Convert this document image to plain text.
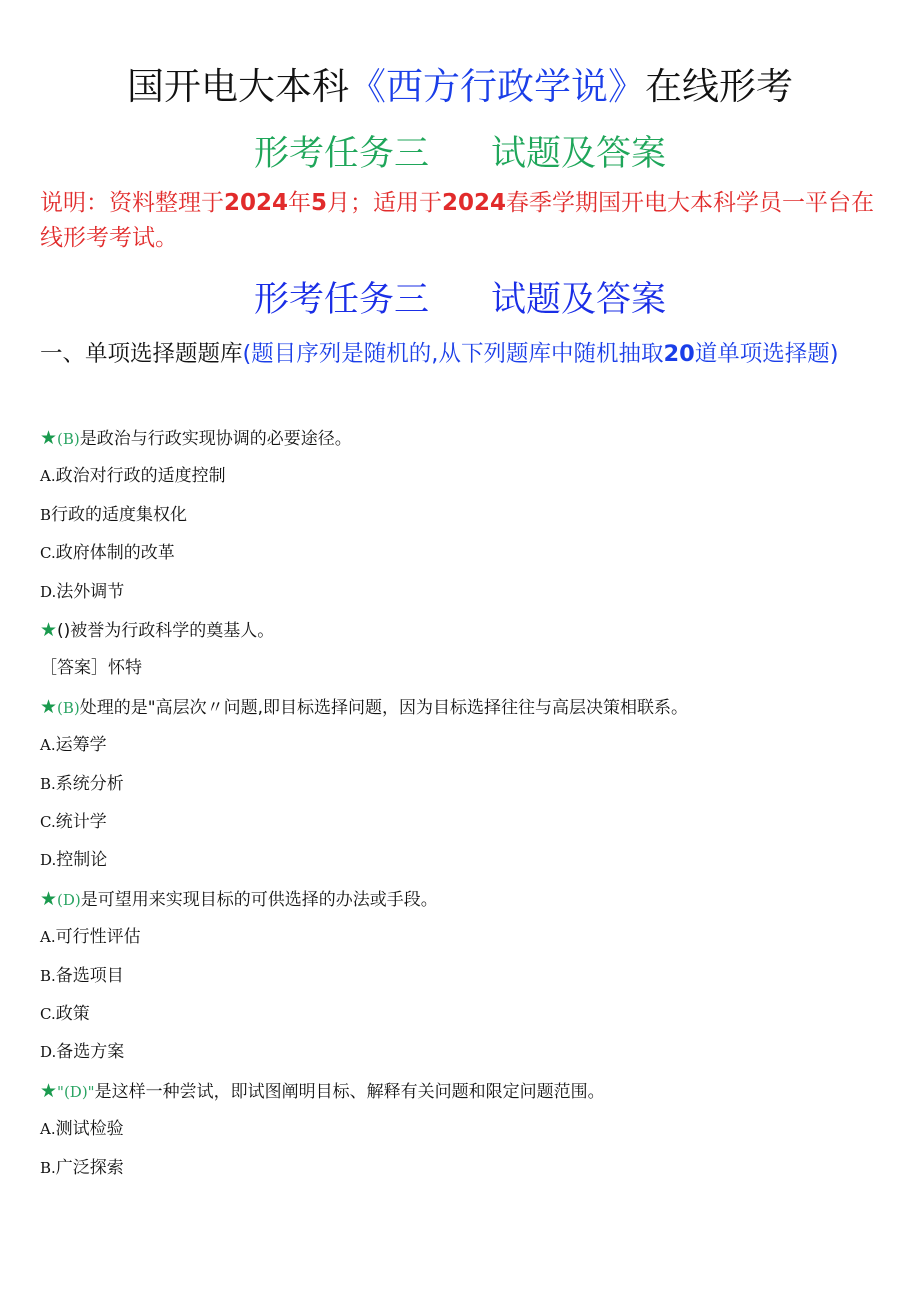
国开电大本科《西方行政学说》在线形考
形考任务三 试题及答案
说明：资料整理于2024年5月；适用于2024春季学期国开电大本科学员一平台在线形考考试。
形考任务三 试题及答案
一、单项选择题题库(题目序列是随机的,从下列题库中随机抽取20道单项选择题)
★(B)是政治与行政实现协调的必要途径。
A.政治对行政的适度控制
B行政的适度集权化
C.政府体制的改革
D.法外调节
★()被誉为行政科学的奠基人。
［答案］怀特
★(B)处理的是"高层次〃问题,即目标选择问题，因为目标选择往往与高层决策相联系。
A.运筹学
B.系统分析
C.统计学
D.控制论
★(D)是可望用来实现目标的可供选择的办法或手段。
A.可行性评估
B.备选项目
C.政策
D.备选方案
★"(D)"是这样一种尝试，即试图阐明目标、解释有关问题和限定问题范围。
A.测试检验
B.广泛探索
